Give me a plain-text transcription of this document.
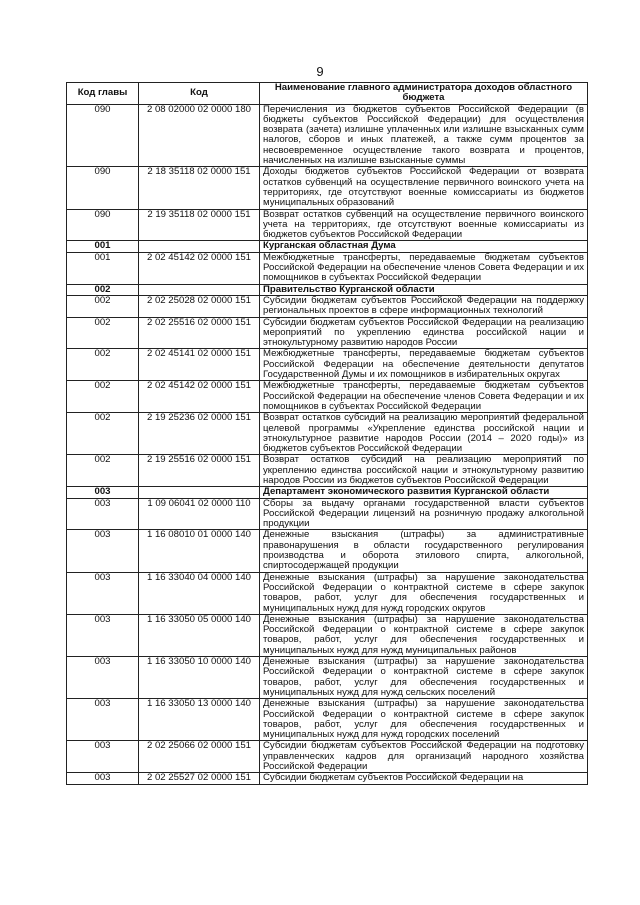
9
Код главы	Код	Наименование главного администратора доходов областного бюджета
090	2 08 02000 02 0000 180	Перечисления из бюджетов субъектов Российской Федерации (в бюджеты субъектов Российской Федерации) для осуществления возврата (зачета) излишне уплаченных или излишне взысканных сумм налогов, сборов и иных платежей, а также сумм процентов за несвоевременное осуществление такого возврата и процентов, начисленных на излишне взысканные суммы
090	2 18 35118 02 0000 151	Доходы бюджетов субъектов Российской Федерации от возврата остатков субвенций на осуществление первичного воинского учета на территориях, где отсутствуют военные комиссариаты из бюджетов муниципальных образований
090	2 19 35118 02 0000 151	Возврат остатков субвенций на осуществление первичного воинского учета на территориях, где отсутствуют военные комиссариаты из бюджетов субъектов Российской Федерации
001		Курганская областная Дума
001	2 02 45142 02 0000 151	Межбюджетные трансферты, передаваемые бюджетам субъектов Российской Федерации на обеспечение членов Совета Федерации и их помощников в субъектах Российской Федерации
002		Правительство Курганской области
002	2 02 25028 02 0000 151	Субсидии бюджетам субъектов Российской Федерации на поддержку региональных проектов в сфере информационных технологий
002	2 02 25516 02 0000 151	Субсидии бюджетам субъектов Российской Федерации на реализацию мероприятий по укреплению единства российской нации и этнокультурному развитию народов России
002	2 02 45141 02 0000 151	Межбюджетные трансферты, передаваемые бюджетам субъектов Российской Федерации на обеспечение деятельности депутатов Государственной Думы и их помощников в избирательных округах
002	2 02 45142 02 0000 151	Межбюджетные трансферты, передаваемые бюджетам субъектов Российской Федерации на обеспечение членов Совета Федерации и их помощников в субъектах Российской Федерации
002	2 19 25236 02 0000 151	Возврат остатков субсидий на реализацию мероприятий федеральной целевой программы «Укрепление единства российской нации и этнокультурное развитие народов России (2014 – 2020 годы)» из бюджетов субъектов Российской Федерации
002	2 19 25516 02 0000 151	Возврат остатков субсидий на реализацию мероприятий по укреплению единства российской нации и этнокультурному развитию народов России из бюджетов субъектов Российской Федерации
003		Департамент экономического развития Курганской области
003	1 09 06041 02 0000 110	Сборы за выдачу органами государственной власти субъектов Российской Федерации лицензий на розничную продажу алкогольной продукции
003	1 16 08010 01 0000 140	Денежные взыскания (штрафы) за административные правонарушения в области государственного регулирования производства и оборота этилового спирта, алкогольной, спиртосодержащей продукции
003	1 16 33040 04 0000 140	Денежные взыскания (штрафы) за нарушение законодательства Российской Федерации о контрактной системе в сфере закупок товаров, работ, услуг для обеспечения государственных и муниципальных нужд для нужд городских округов
003	1 16 33050 05 0000 140	Денежные взыскания (штрафы) за нарушение законодательства Российской Федерации о контрактной системе в сфере закупок товаров, работ, услуг для обеспечения государственных и муниципальных нужд для нужд муниципальных районов
003	1 16 33050 10 0000 140	Денежные взыскания (штрафы) за нарушение законодательства Российской Федерации о контрактной системе в сфере закупок товаров, работ, услуг для обеспечения государственных и муниципальных нужд для нужд сельских поселений
003	1 16 33050 13 0000 140	Денежные взыскания (штрафы) за нарушение законодательства Российской Федерации о контрактной системе в сфере закупок товаров, работ, услуг для обеспечения государственных и муниципальных нужд для нужд городских поселений
003	2 02 25066 02 0000 151	Субсидии бюджетам субъектов Российской Федерации на подготовку управленческих кадров для организаций народного хозяйства Российской Федерации
003	2 02 25527 02 0000 151	Субсидии бюджетам субъектов Российской Федерации на
